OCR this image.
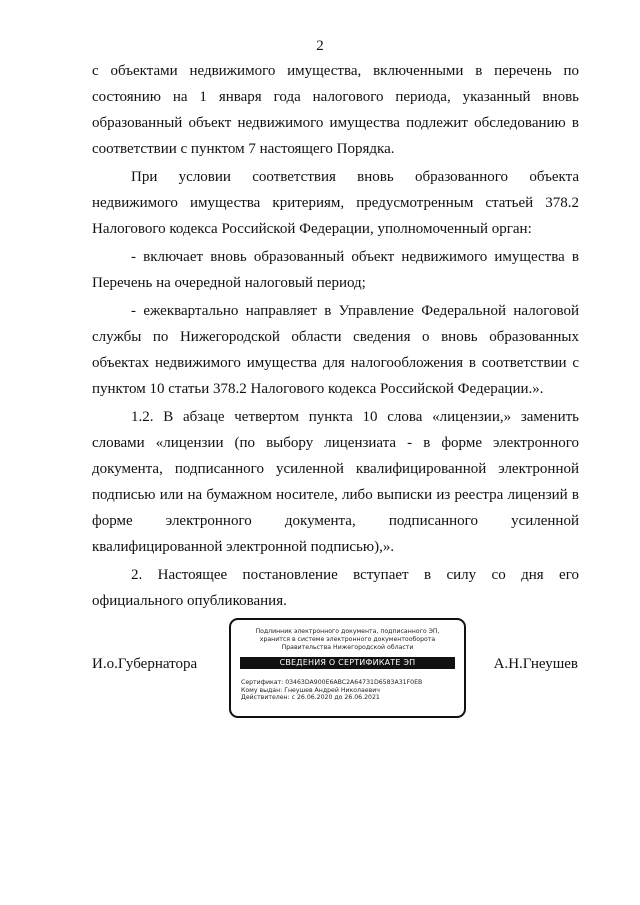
2

с объектами недвижимого имущества, включенными в перечень по состоянию на 1 января года налогового периода, указанный вновь образованный объект недвижимого имущества подлежит обследованию в соответствии с пунктом 7 настоящего Порядка.

При условии соответствия вновь образованного объекта недвижимого имущества критериям, предусмотренным статьей 378.2 Налогового кодекса Российской Федерации, уполномоченный орган:

- включает вновь образованный объект недвижимого имущества в Перечень на очередной налоговый период;

- ежеквартально направляет в Управление Федеральной налоговой службы по Нижегородской области сведения о вновь образованных объектах недвижимого имущества для налогообложения в соответствии с пунктом 10 статьи 378.2 Налогового кодекса Российской Федерации.».

1.2. В абзаце четвертом пункта 10 слова «лицензии,» заменить словами «лицензии (по выбору лицензиата - в форме электронного документа, подписанного усиленной квалифицированной электронной подписью или на бумажном носителе, либо выписки из реестра лицензий в форме электронного документа, подписанного усиленной квалифицированной электронной подписью),».

2. Настоящее постановление вступает в силу со дня его официального опубликования.

И.о.Губернатора	А.Н.Гнеушев
Подлинник электронного документа, подписанного ЭП,
хранится в системе электронного документооборота
Правительства Нижегородской области
СВЕДЕНИЯ О СЕРТИФИКАТЕ ЭП
Сертификат: 03463DA900E6ABC2A64731D6583A31F0EB
Кому выдан: Гнеушев Андрей Николаевич
Действителен: с 26.06.2020 до 26.06.2021
